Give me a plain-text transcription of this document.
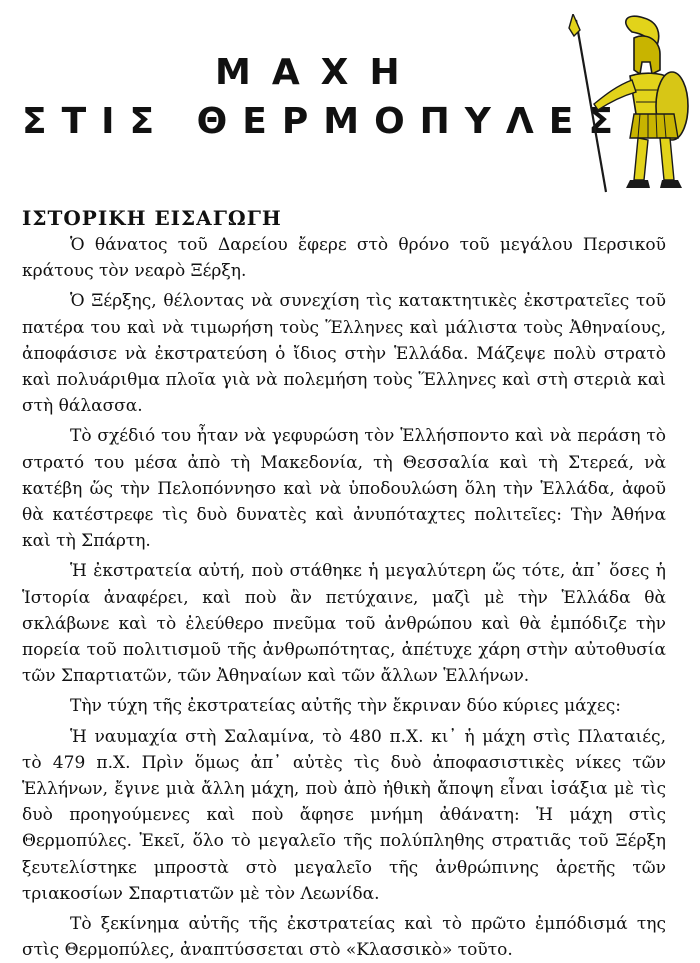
ΜΑΧΗ
ΣΤΙΣ ΘΕΡΜΟΠΥΛΕΣ
ΙΣΤΟΡΙΚΗ ΕΙΣΑΓΩΓΗ

Ὁ θάνατος τοῦ Δαρείου ἔφερε στὸ θρόνο τοῦ μεγάλου Περσικοῦ κράτους τὸν νεαρὸ Ξέρξη.

Ὁ Ξέρξης, θέλοντας νὰ συνεχίση τὶς κατακτητικὲς ἐκστρατεῖες τοῦ πατέρα του καὶ νὰ τιμωρήση τοὺς Ἕλληνες καὶ μάλιστα τοὺς Ἀθηναίους, ἀποφάσισε νὰ ἐκστρατεύση ὁ ἴδιος στὴν Ἑλλάδα. Μάζεψε πολὺ στρατὸ καὶ πολυάριθμα πλοῖα γιὰ νὰ πολεμήση τοὺς Ἕλληνες καὶ στὴ στεριὰ καὶ στὴ θάλασσα.

Τὸ σχέδιό του ἦταν νὰ γεφυρώση τὸν Ἑλλήσποντο καὶ νὰ περάση τὸ στρατό του μέσα ἀπὸ τὴ Μακεδονία, τὴ Θεσσαλία καὶ τὴ Στερεά, νὰ κατέβη ὥς τὴν Πελοπόννησο καὶ νὰ ὑποδουλώση ὅλη τὴν Ἑλλάδα, ἀφοῦ θὰ κατέστρεφε τὶς δυὸ δυνατὲς καὶ ἀνυπόταχτες πολιτεῖες: Τὴν Ἀθήνα καὶ τὴ Σπάρτη.

Ἡ ἐκστρατεία αὐτή, ποὺ στάθηκε ἡ μεγαλύτερη ὥς τότε, ἀπ᾽ ὅσες ἡ Ἱστορία ἀναφέρει, καὶ ποὺ ἂν πετύχαινε, μαζὶ μὲ τὴν Ἑλλάδα θὰ σκλάβωνε καὶ τὸ ἐλεύθερο πνεῦμα τοῦ ἀνθρώπου καὶ θὰ ἐμπόδιζε τὴν πορεία τοῦ πολιτισμοῦ τῆς ἀνθρωπότητας, ἀπέτυχε χάρη στὴν αὐτοθυσία τῶν Σπαρτιατῶν, τῶν Ἀθηναίων καὶ τῶν ἄλλων Ἑλλήνων.

Τὴν τύχη τῆς ἐκστρατείας αὐτῆς τὴν ἔκριναν δύο κύριες μάχες:

Ἡ ναυμαχία στὴ Σαλαμίνα, τὸ 480 π.Χ. κι᾽ ἡ μάχη στὶς Πλαταιές, τὸ 479 π.Χ. Πρὶν ὅμως ἀπ᾽ αὐτὲς τὶς δυὸ ἀποφασιστικὲς νίκες τῶν Ἑλλήνων, ἔγινε μιὰ ἄλλη μάχη, ποὺ ἀπὸ ἠθικὴ ἄποψη εἶναι ἰσάξια μὲ τὶς δυὸ προηγούμενες καὶ ποὺ ἄφησε μνήμη ἀθάνατη: Ἡ μάχη στὶς Θερμοπύλες. Ἐκεῖ, ὅλο τὸ μεγαλεῖο τῆς πολύπληθης στρατιᾶς τοῦ Ξέρξη ξευτελίστηκε μπροστὰ στὸ μεγαλεῖο τῆς ἀνθρώπινης ἀρετῆς τῶν τριακοσίων Σπαρτιατῶν μὲ τὸν Λεωνίδα.

Τὸ ξεκίνημα αὐτῆς τῆς ἐκστρατείας καὶ τὸ πρῶτο ἐμπόδισμά της στὶς Θερμοπύλες, ἀναπτύσσεται στὸ «Κλασσικὸ» τοῦτο.
